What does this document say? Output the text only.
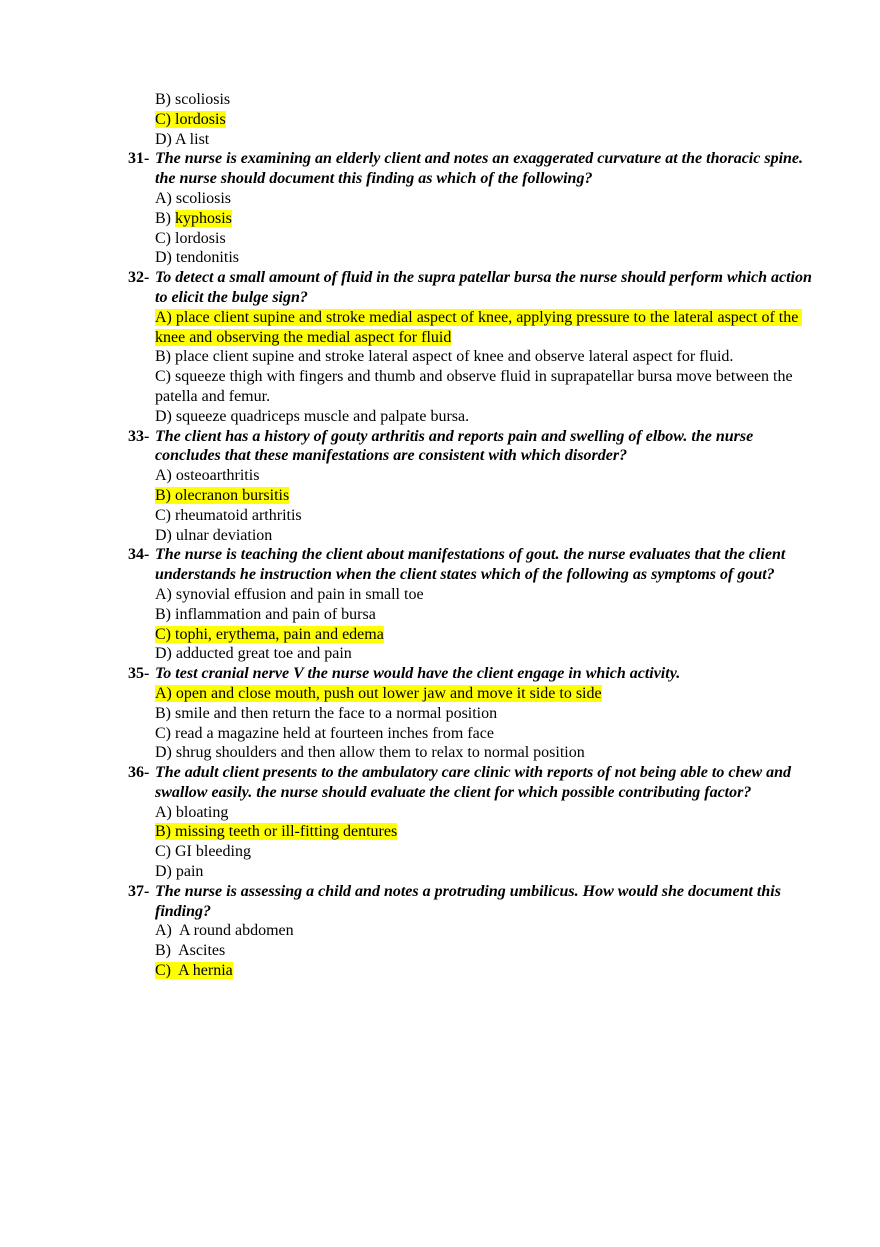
B) scoliosis
C) lordosis
D) A list
31- The nurse is examining an elderly client and notes an exaggerated curvature at the thoracic spine. the nurse should document this finding as which of the following?
A) scoliosis
B) kyphosis
C) lordosis
D) tendonitis
32- To detect a small amount of fluid in the supra patellar bursa the nurse should perform which action to elicit the bulge sign?
A) place client supine and stroke medial aspect of knee, applying pressure to the lateral aspect of the knee and observing the medial aspect for fluid
B) place client supine and stroke lateral aspect of knee and observe lateral aspect for fluid.
C) squeeze thigh with fingers and thumb and observe fluid in suprapatellar bursa move between the patella and femur.
D) squeeze quadriceps muscle and palpate bursa.
33- The client has a history of gouty arthritis and reports pain and swelling of elbow. the nurse concludes that these manifestations are consistent with which disorder?
A) osteoarthritis
B) olecranon bursitis
C) rheumatoid arthritis
D) ulnar deviation
34- The nurse is teaching the client about manifestations of gout. the nurse evaluates that the client understands he instruction when the client states which of the following as symptoms of gout?
A) synovial effusion and pain in small toe
B) inflammation and pain of bursa
C) tophi, erythema, pain and edema
D) adducted great toe and pain
35- To test cranial nerve V the nurse would have the client engage in which activity.
A) open and close mouth, push out lower jaw and move it side to side
B) smile and then return the face to a normal position
C) read a magazine held at fourteen inches from face
D) shrug shoulders and then allow them to relax to normal position
36- The adult client presents to the ambulatory care clinic with reports of not being able to chew and swallow easily. the nurse should evaluate the client for which possible contributing factor?
A) bloating
B) missing teeth or ill-fitting dentures
C) GI bleeding
D) pain
37- The nurse is assessing a child and notes a protruding umbilicus. How would she document this finding?
A)  A round abdomen
B)  Ascites
C)  A hernia
